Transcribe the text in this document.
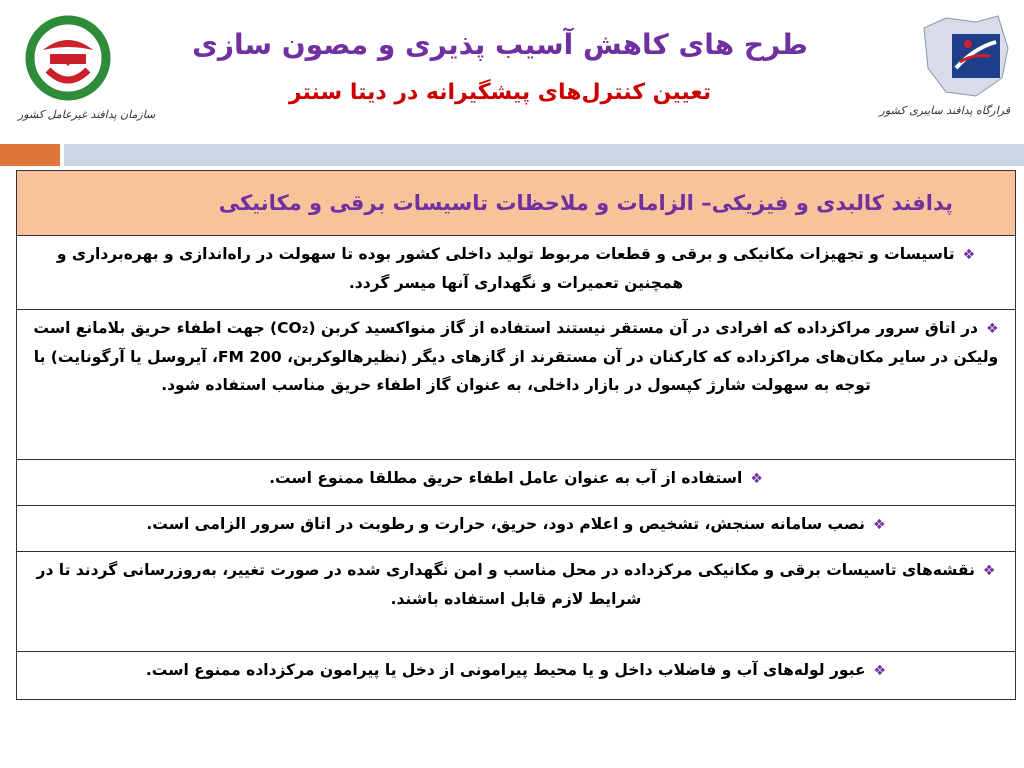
☫
سازمان پدافند غیرعامل کشور	قرارگاه پدافند سایبری کشور
طرح های کاهش آسیب پذیری و مصون سازی
تعیین کنترل‌های پیشگیرانه در دیتا سنتر
پدافند کالبدی و فیزیکی– الزامات و ملاحظات تاسیسات برقی و مکانیکی

❖تاسیسات و تجهیزات مکانیکی و برقی و قطعات مربوط تولید داخلی کشور بوده تا سهولت در راه‌اندازی و بهره‌برداری و همچنین تعمیرات و نگهداری آنها میسر گردد.
❖در اتاق سرور مراکزداده که افرادی در آن مستقر نیستند استفاده از گاز منواکسید کربن (CO₂) جهت اطفاء حریق بلامانع است ولیکن در سایر مکان‌های مراکزداده که کارکنان در آن مستقرند از گازهای دیگر (نظیرهالوکربن، FM 200، آیروسل یا آرگونایت) با توجه به سهولت شارژ کپسول در بازار داخلی، به عنوان گاز اطفاء حریق مناسب استفاده شود.
❖استفاده از آب به عنوان عامل اطفاء حریق مطلقا ممنوع است.
❖نصب سامانه سنجش، تشخیص و اعلام دود، حریق، حرارت و رطوبت در اتاق سرور الزامی است.
❖نقشه‌های تاسیسات برقی و مکانیکی مرکزداده در محل مناسب و امن نگهداری شده در صورت تغییر، به‌روزرسانی گردند تا در شرایط لازم قابل استفاده باشند.
❖عبور لوله‌های آب و فاضلاب داخل و یا محیط پیرامونی از دخل یا پیرامون مرکزداده ممنوع است.
